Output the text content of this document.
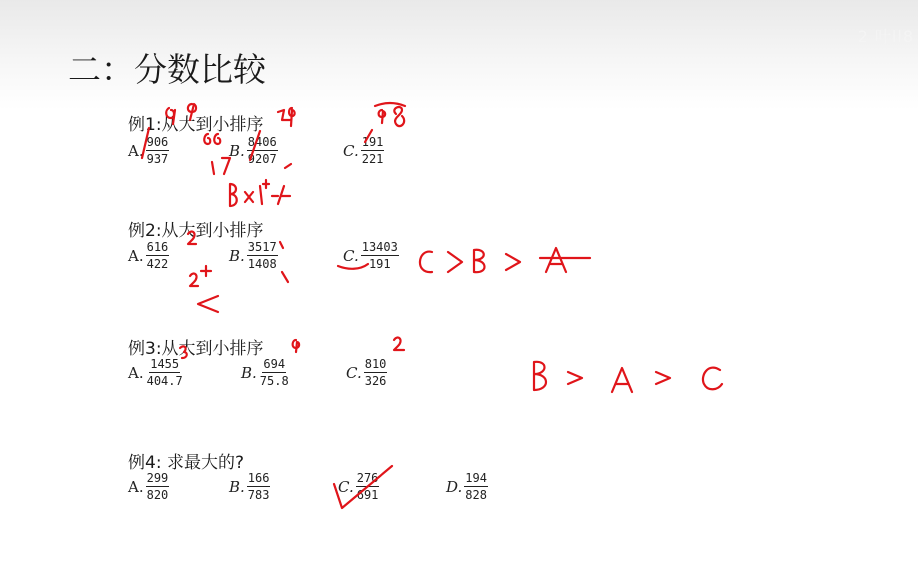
2 叶ll8
二：分数比较
例1:从大到小排序
A. $\frac{906}{937}$	B. $\frac{8406}{9207}$	C. $\frac{191}{221}$
例2:从大到小排序
A. $\frac{616}{422}$	B. $\frac{3517}{1408}$	C. $\frac{13403}{191}$
例3:从大到小排序
A. $\frac{1455}{404.7}$	B. $\frac{694}{75.8}$	C. $\frac{810}{326}$
例4: 求最大的?
A. $\frac{299}{820}$	B. $\frac{166}{783}$	C. $\frac{276}{691}$	D. $\frac{194}{828}$
